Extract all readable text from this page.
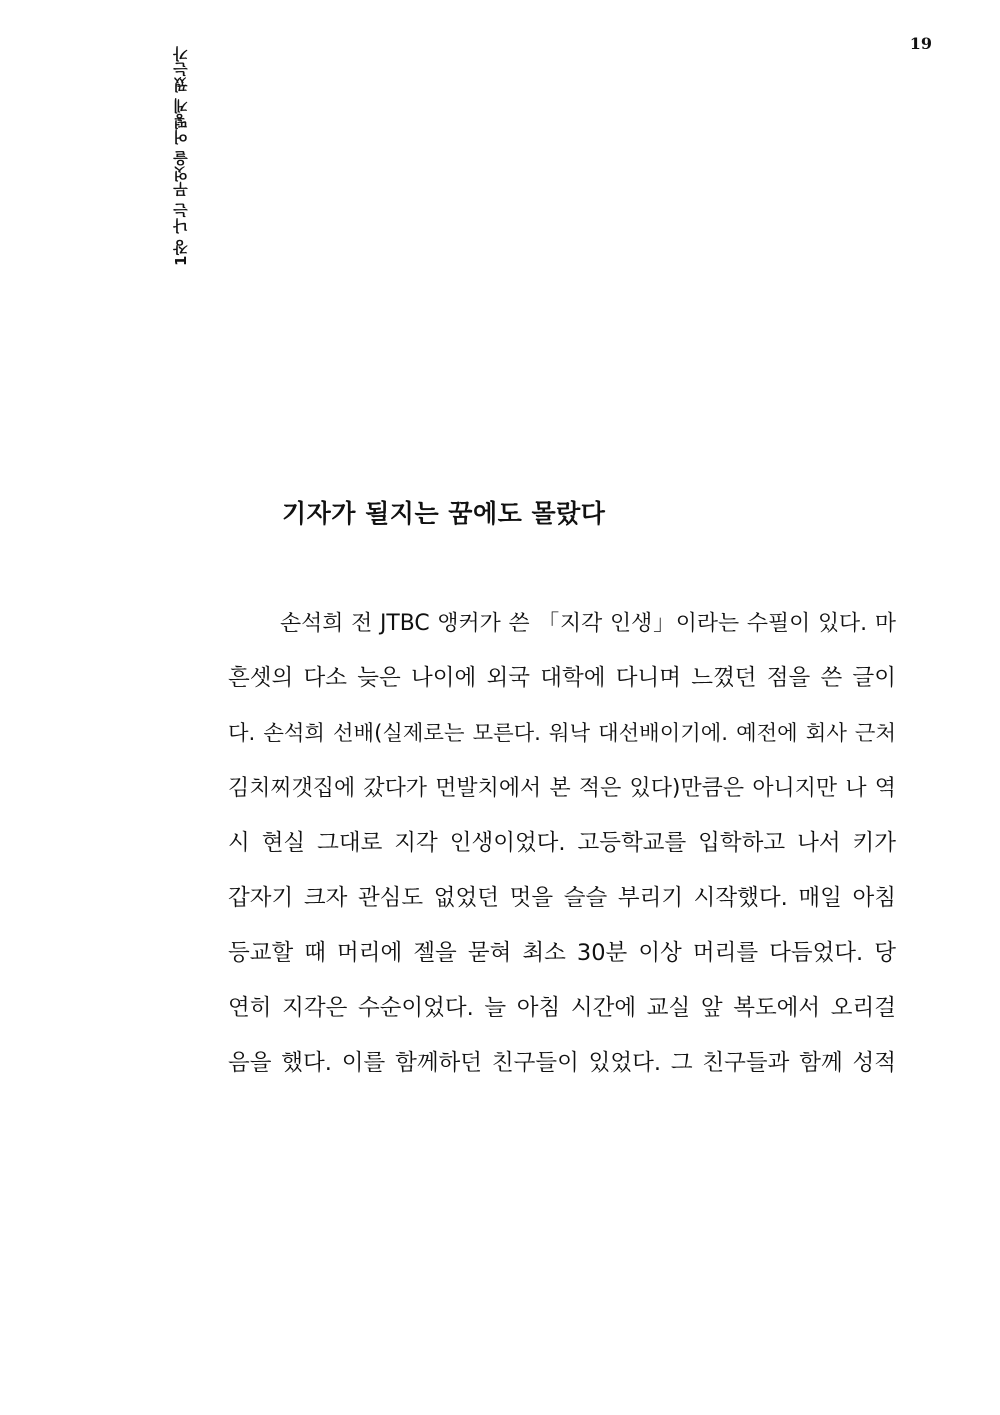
19
1장 나는 무엇을 어떻게 꿨는가
기자가 될지는 꿈에도 몰랐다
손석희 전 JTBC 앵커가 쓴 「지각 인생」이라는 수필이 있다. 마
흔셋의 다소 늦은 나이에 외국 대학에 다니며 느꼈던 점을 쓴 글이
다. 손석희 선배(실제로는 모른다. 워낙 대선배이기에. 예전에 회사 근처
김치찌갯집에 갔다가 먼발치에서 본 적은 있다)만큼은 아니지만 나 역
시 현실 그대로 지각 인생이었다. 고등학교를 입학하고 나서 키가
갑자기 크자 관심도 없었던 멋을 슬슬 부리기 시작했다. 매일 아침
등교할 때 머리에 젤을 묻혀 최소 30분 이상 머리를 다듬었다. 당
연히 지각은 수순이었다. 늘 아침 시간에 교실 앞 복도에서 오리걸
음을 했다. 이를 함께하던 친구들이 있었다. 그 친구들과 함께 성적
